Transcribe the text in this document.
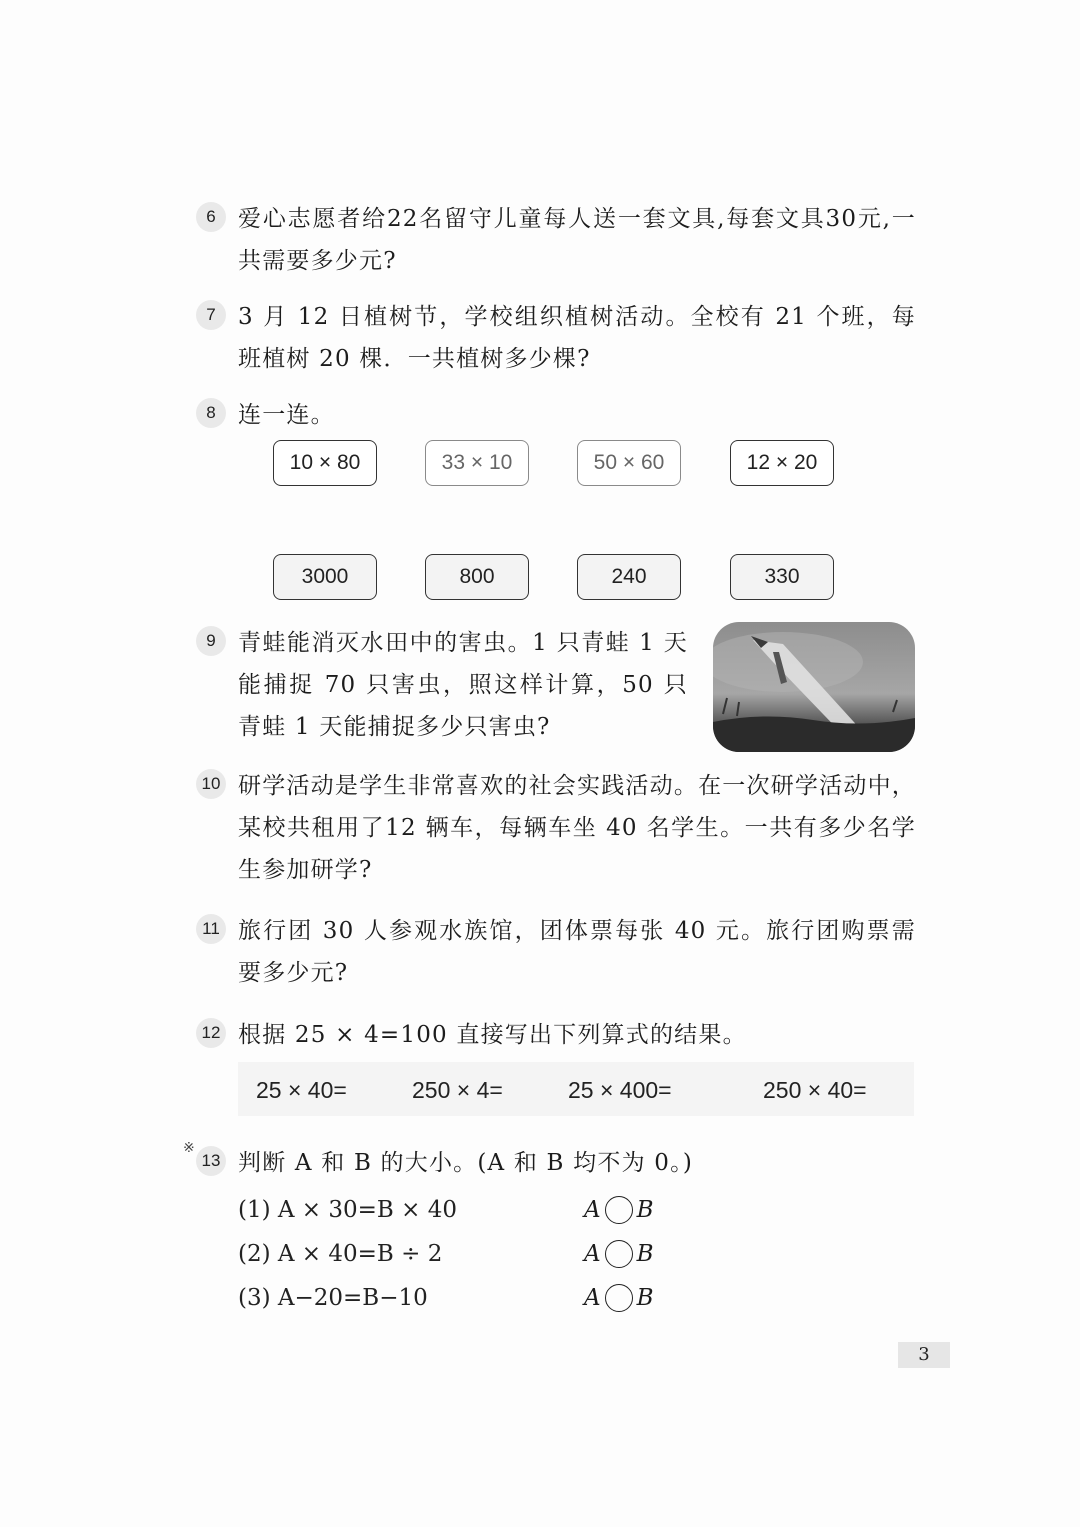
6 爱心志愿者给22名留守儿童每人送一套文具,每套文具30元,一共需要多少元?
7 3 月 12 日植树节，学校组织植树活动。全校有 21 个班，每班植树 20 棵．一共植树多少棵?
8 连一连。
10 × 80	33 × 10	50 × 60	12 × 20
3000	800	240	330
9 青蛙能消灭水田中的害虫。1 只青蛙 1 天能捕捉 70 只害虫，照这样计算，50 只青蛙 1 天能捕捉多少只害虫?
10 研学活动是学生非常喜欢的社会实践活动。在一次研学活动中，某校共租用了12 辆车，每辆车坐 40 名学生。一共有多少名学生参加研学?
11 旅行团 30 人参观水族馆，团体票每张 40 元。旅行团购票需要多少元?
12 根据 25 × 4=100 直接写出下列算式的结果。
25 × 40=	250 × 4=	25 × 400=	250 × 40=
※
13 判断 A 和 B 的大小。(A 和 B 均不为 0。)
(1) A × 30=B × 40	A B
(2) A × 40=B ÷ 2	A B
(3) A−20=B−10	A B
3
